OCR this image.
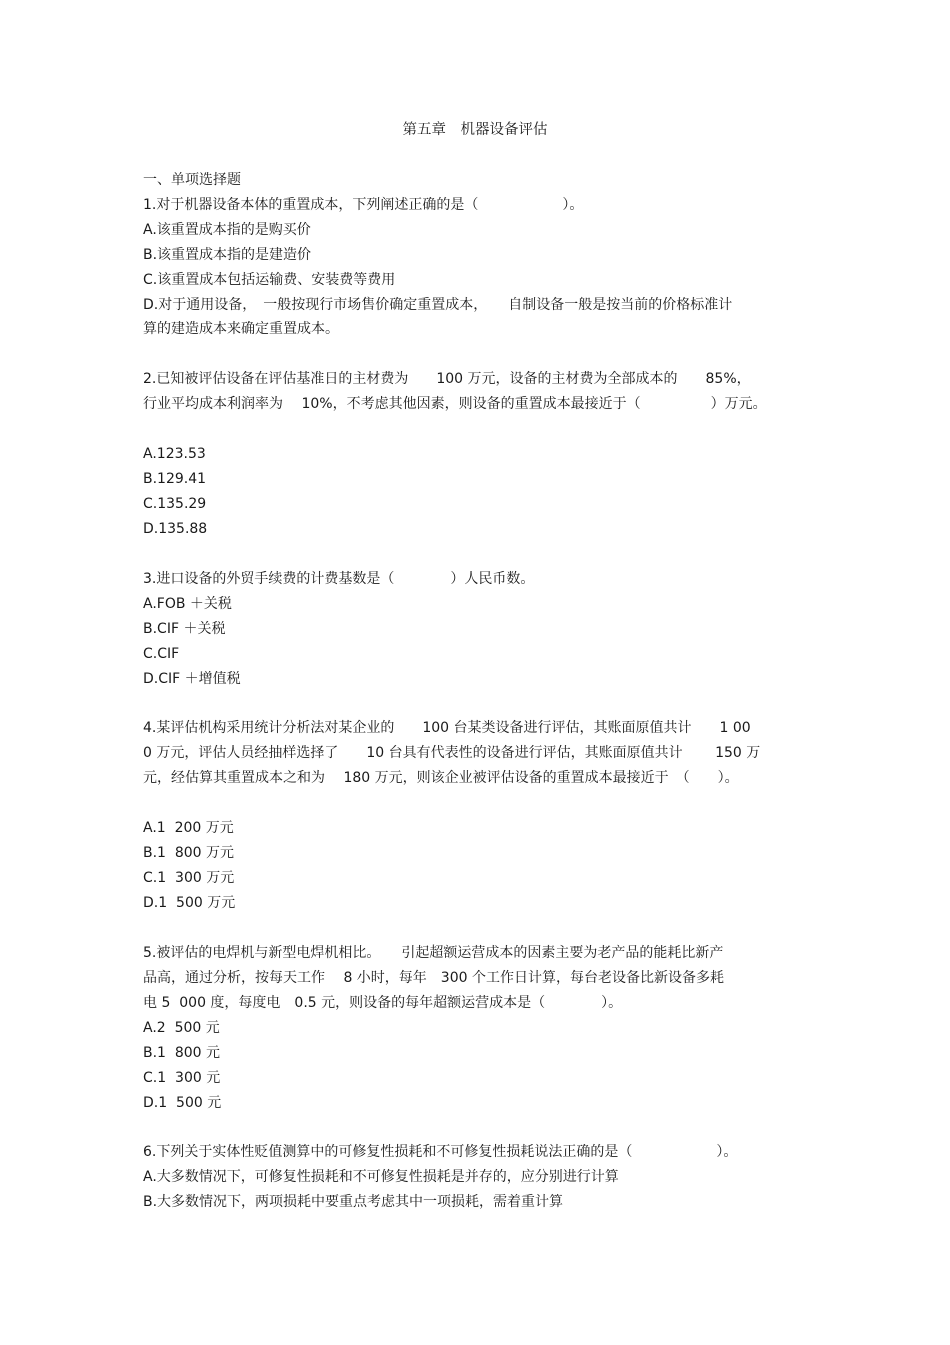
第五章　机器设备评估
一、单项选择题
1.对于机器设备本体的重置成本，下列阐述正确的是（　　　　　　）。
A.该重置成本指的是购买价
B.该重置成本指的是建造价
C.该重置成本包括运输费、安装费等费用
D.对于通用设备，　一般按现行市场售价确定重置成本，　　自制设备一般是按当前的价格标准计
算的建造成本来确定重置成本。
2.已知被评估设备在评估基准日的主材费为　　100 万元，设备的主材费为全部成本的　　85%，
行业平均成本利润率为　 10%，不考虑其他因素，则设备的重置成本最接近于（　　　　　）万元。
A.123.53
B.129.41
C.135.29
D.135.88
3.进口设备的外贸手续费的计费基数是（　　　　）人民币数。
A.FOB ＋关税
B.CIF ＋关税
C.CIF
D.CIF ＋增值税
4.某评估机构采用统计分析法对某企业的　　100 台某类设备进行评估，其账面原值共计　　1 00
0 万元，评估人员经抽样选择了　　10 台具有代表性的设备进行评估，其账面原值共计　　 150 万
元，经估算其重置成本之和为　 180 万元，则该企业被评估设备的重置成本最接近于　（　　）。
A.1  200 万元
B.1  800 万元
C.1  300 万元
D.1  500 万元
5.被评估的电焊机与新型电焊机相比。　　引起超额运营成本的因素主要为老产品的能耗比新产
品高，通过分析，按每天工作　 8 小时，每年　300 个工作日计算，每台老设备比新设备多耗
电 5  000 度，每度电　0.5 元，则设备的每年超额运营成本是（　　　　）。
A.2  500 元
B.1  800 元
C.1  300 元
D.1  500 元
6.下列关于实体性贬值测算中的可修复性损耗和不可修复性损耗说法正确的是（　　　　　　）。
A.大多数情况下，可修复性损耗和不可修复性损耗是并存的，应分别进行计算
B.大多数情况下，两项损耗中要重点考虑其中一项损耗，需着重计算
